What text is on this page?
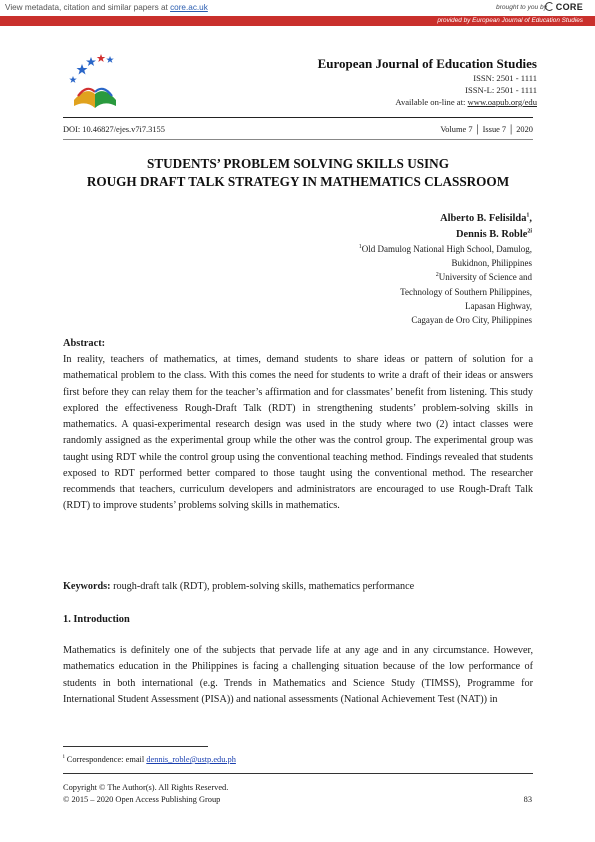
View metadata, citation and similar papers at core.ac.uk	brought to you by CORE
provided by European Journal of Education Studies
European Journal of Education Studies
ISSN: 2501 - 1111
ISSN-L: 2501 - 1111
Available on-line at: www.oapub.org/edu
DOI: 10.46827/ejes.v7i7.3155	Volume 7 │ Issue 7 │ 2020
STUDENTS’ PROBLEM SOLVING SKILLS USING
ROUGH DRAFT TALK STRATEGY IN MATHEMATICS CLASSROOM
Alberto B. Felisilda$^1$,
Dennis B. Roble$^{2i}$
$^1$Old Damulog National High School, Damulog,
Bukidnon, Philippines
$^2$University of Science and
Technology of Southern Philippines,
Lapasan Highway,
Cagayan de Oro City, Philippines
Abstract:
In reality, teachers of mathematics, at times, demand students to share ideas or pattern of solution for a mathematical problem to the class. With this comes the need for students to write a draft of their ideas or answers first before they can relay them for the teacher’s affirmation and for classmates’ benefit from listening. This study explored the effectiveness Rough-Draft Talk (RDT) in strengthening students’ problem-solving skills in mathematics. A quasi-experimental research design was used in the study where two (2) intact classes were randomly assigned as the experimental group while the other was the control group. The experimental group was taught using RDT while the control group using the conventional teaching method. Findings revealed that students exposed to RDT performed better compared to those taught using the conventional method. The researcher recommends that teachers, curriculum developers and administrators are encouraged to use Rough-Draft Talk (RDT) to improve students’ problems solving skills in mathematics.
Keywords: rough-draft talk (RDT), problem-solving skills, mathematics performance
1. Introduction
Mathematics is definitely one of the subjects that pervade life at any age and in any circumstance. However, mathematics education in the Philippines is facing a challenging situation because of the low performance of students in both international (e.g. Trends in Mathematics and Science Study (TIMSS), Programme for International Student Assessment (PISA)) and national assessments (National Achievement Test (NAT)) in
$^i$ Correspondence: email dennis_roble@ustp.edu.ph
Copyright © The Author(s). All Rights Reserved.
© 2015 – 2020 Open Access Publishing Group	83
